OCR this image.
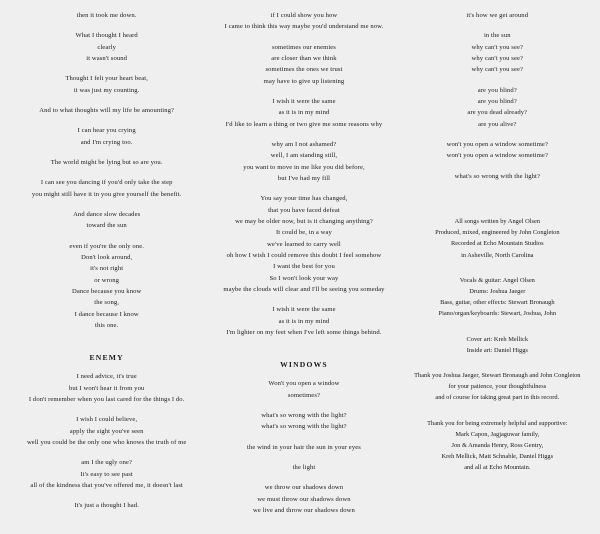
then it took me down.
What I thought I heard
clearly
it wasn't sound
Thought I felt your heart beat,
it was just my counting.
And to what thoughts will my life be amounting?
I can hear you crying
and I'm crying too.
The world might be lying but so are you.
I can see you dancing if you'd only take the step
you might still have it in you give yourself the benefit.
And dance slow decades
toward the sun
even if you're the only one.
Don't look around,
it's not right
or wrong
Dance because you know
the song,
I dance because I know
this one.
ENEMY
I need advice, it's true
but I won't hear it from you
I don't remember when you last cared for the things I do.
I wish I could believe,
apply the sight you've seen
well you could be the only one who knows the truth of me
am I the ugly one?
It's easy to see past
all of the kindness that you've offered me, it doesn't last
It's just a thought I had.
if I could show you how
I came to think this way maybe you'd understand me now.
sometimes our enemies
are closer than we think
sometimes the ones we trust
may have to give up listening
I wish it were the same
as it is in my mind
I'd like to learn a thing or two give me some reasons why
why am I not ashamed?
well, I am standing still,
you want to move in me like you did before,
but I've had my fill
You say your time has changed,
that you have faced defeat
we may be older now, but is it changing anything?
It could be, in a way
we've learned to carry well
oh how I wish I could remove this doubt I feel somehow
I want the best for you
So I won't look your way
maybe the clouds will clear and I'll be seeing you someday
I wish it were the same
as it is in my mind
I'm lighter on my feet when I've left some things behind.
WINDOWS
Won't you open a window
sometimes?
what's so wrong with the light?
what's so wrong with the light?
the wind in your hair the sun in your eyes
the light
we throw our shadows down
we must throw our shadows down
we live and throw our shadows down
it's how we get around
in the sun
why can't you see?
why can't you see?
why can't you see?
are you blind?
are you blind?
are you dead already?
are you alive?
won't you open a window sometime?
won't you open a window sometime?
what's so wrong with the light?
All songs written by Angel Olsen
Produced, mixed, engineered by John Congleton
Recorded at Echo Mountain Studios
in Asheville, North Carolina
Vocals & guitar: Angel Olsen
Drums: Joshua Jaeger
Bass, guitar, other effects: Stewart Bronaugh
Piano/organ/keyboards: Stewart, Joshua, John
Cover art: Kreh Mellick
Inside art: Daniel Higgs
Thank you Joshua Jaeger, Stewart Bronaugh and John Congleton
for your patience, your thoughtfulness
and of course for taking great part in this record.
Thank you for being extremely helpful and supportive:
Mark Capon, Jagjaguwar family,
Jon & Amanda Henry, Ross Gentry,
Kreh Mellick, Matt Schnable, Daniel Higgs
and all at Echo Mountain.
